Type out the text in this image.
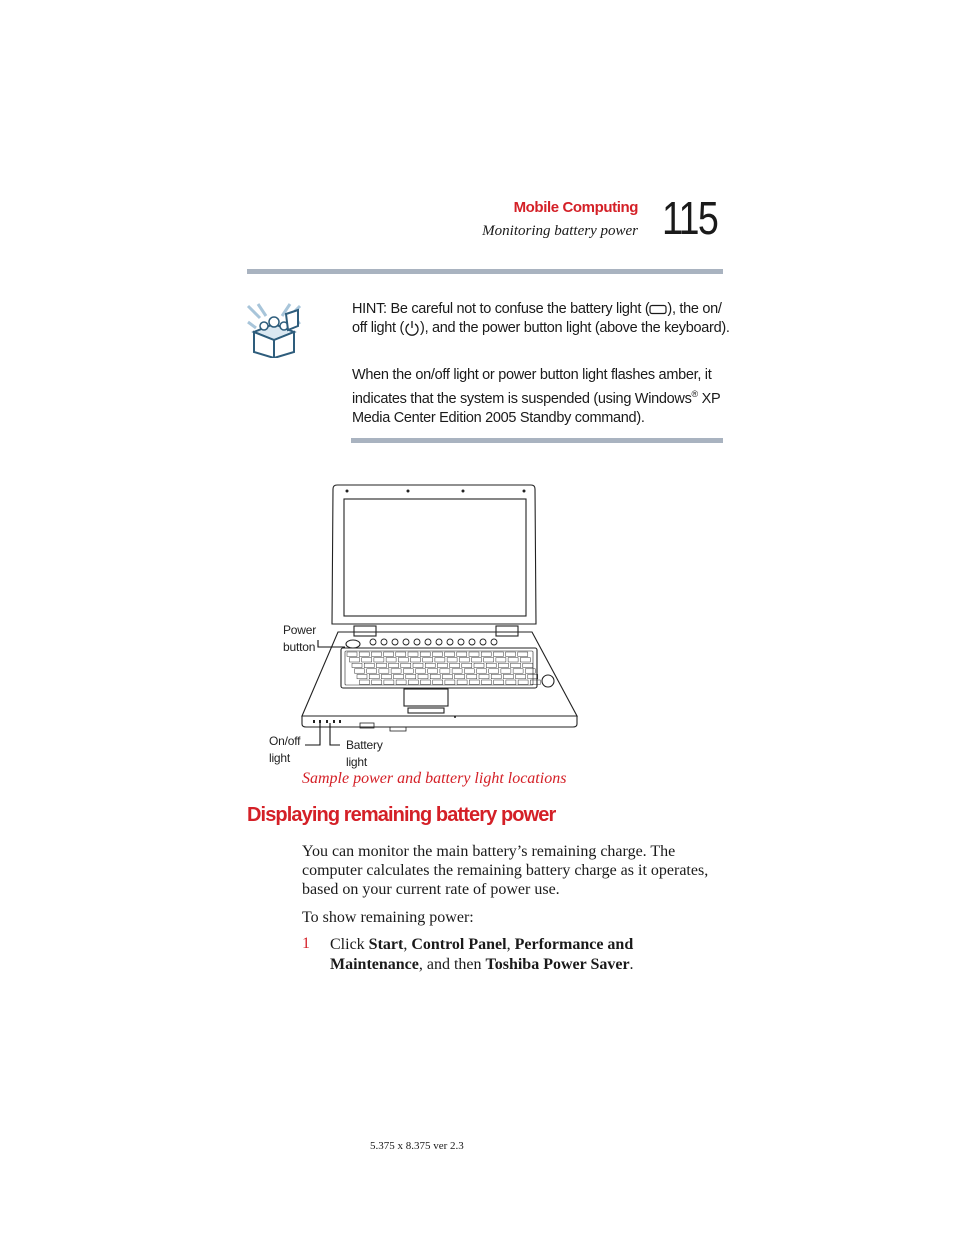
Mobile Computing
Monitoring battery power 115
HINT: Be careful not to confuse the battery light ( ), the on/ off light ( ), and the power button light (above the keyboard).
When the on/off light or power button light flashes amber, it indicates that the system is suspended (using Windows® XP Media Center Edition 2005 Standby command).
Power
button
On/off
light
Battery
light
Sample power and battery light locations
Displaying remaining battery power
You can monitor the main battery’s remaining charge. The computer calculates the remaining battery charge as it operates, based on your current rate of power use.
To show remaining power:
1 Click Start, Control Panel, Performance and Maintenance, and then Toshiba Power Saver.
5.375 x 8.375 ver 2.3
